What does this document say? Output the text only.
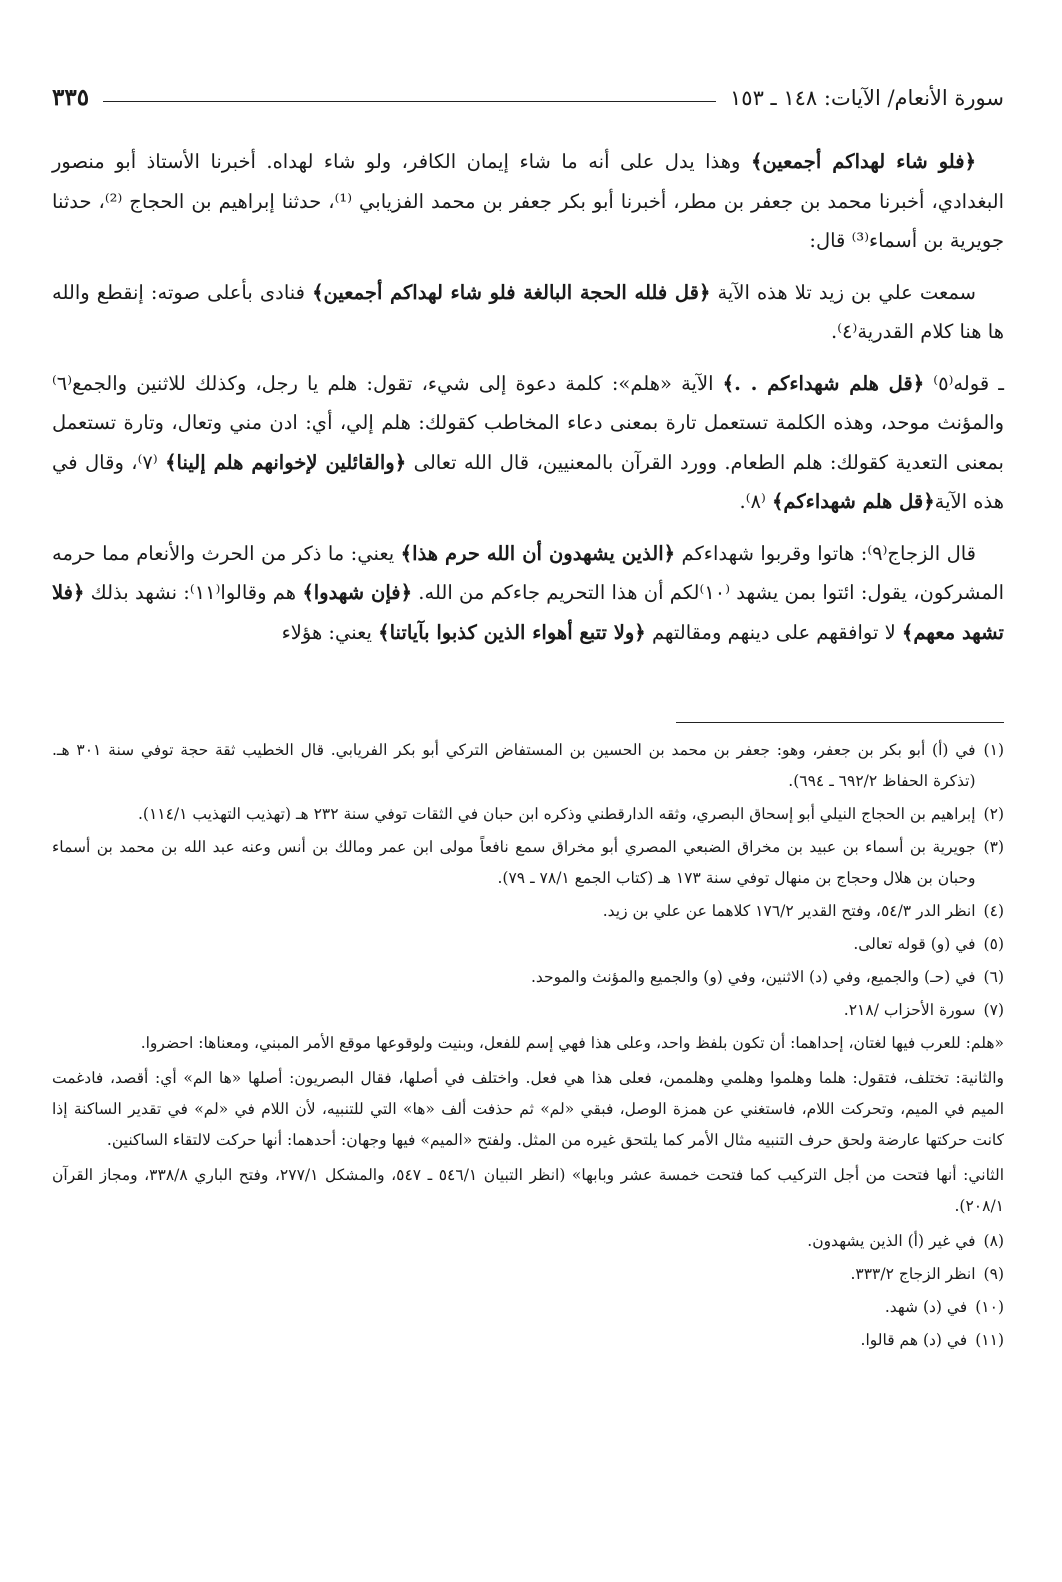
سورة الأنعام/ الآيات: ١٤٨ ـ ١٥٣
٣٣٥

﴿فلو شاء لهداكم أجمعين﴾ وهذا يدل على أنه ما شاء إيمان الكافر، ولو شاء لهداه. أخبرنا الأستاذ أبو منصور البغدادي، أخبرنا محمد بن جعفر بن مطر، أخبرنا أبو بكر جعفر بن محمد الفزيابي ⁽¹⁾، حدثنا إبراهيم بن الحجاج ⁽²⁾، حدثنا جويرية بن أسماء⁽³⁾ قال:

سمعت علي بن زيد تلا هذه الآية ﴿قل فلله الحجة البالغة فلو شاء لهداكم أجمعين﴾ فنادى بأعلى صوته: إنقطع والله ها هنا كلام القدرية⁽٤⁾.

ـ قوله⁽٥⁾ ﴿قل هلم شهداءكم . .﴾ الآية «هلم»: كلمة دعوة إلى شيء، تقول: هلم يا رجل، وكذلك للاثنين والجمع⁽٦⁾ والمؤنث موحد، وهذه الكلمة تستعمل تارة بمعنى دعاء المخاطب كقولك: هلم إلي، أي: ادن مني وتعال، وتارة تستعمل بمعنى التعدية كقولك: هلم الطعام. وورد القرآن بالمعنيين، قال الله تعالى ﴿والقائلين لإخوانهم هلم إلينا﴾ ⁽٧⁾، وقال في هذه الآية﴿قل هلم شهداءكم﴾ ⁽٨⁾.

قال الزجاج⁽٩⁾: هاتوا وقربوا شهداءكم ﴿الذين يشهدون أن الله حرم هذا﴾ يعني: ما ذكر من الحرث والأنعام مما حرمه المشركون، يقول: ائتوا بمن يشهد ⁽١٠⁾لكم أن هذا التحريم جاءكم من الله. ﴿فإن شهدوا﴾ هم وقالوا⁽١١⁾: نشهد بذلك ﴿فلا تشهد معهم﴾ لا توافقهم على دينهم ومقالتهم ﴿ولا تتبع أهواء الذين كذبوا بآياتنا﴾ يعني: هؤلاء

(١)
في (أ) أبو بكر بن جعفر، وهو: جعفر بن محمد بن الحسين بن المستفاض التركي أبو بكر الفريابي. قال الخطيب ثقة حجة توفي سنة ٣٠١ هـ. (تذكرة الحفاظ ٦٩٢/٢ ـ ٦٩٤).
(٢)
إبراهيم بن الحجاج النيلي أبو إسحاق البصري، وثقه الدارقطني وذكره ابن حبان في الثقات توفي سنة ٢٣٢ هـ (تهذيب التهذيب ١١٤/١).
(٣)
جويرية بن أسماء بن عبيد بن مخراق الضبعي المصري أبو مخراق سمع نافعاً مولى ابن عمر ومالك بن أنس وعنه عبد الله بن محمد بن أسماء وحبان بن هلال وحجاج بن منهال توفي سنة ١٧٣ هـ (كتاب الجمع ٧٨/١ ـ ٧٩).
(٤)
انظر الدر ٥٤/٣، وفتح القدير ١٧٦/٢ كلاهما عن علي بن زيد.
(٥)
في (و) قوله تعالى.
(٦)
في (حـ) والجميع، وفي (د) الاثنين، وفي (و) والجميع والمؤنث والموحد.
(٧)
سورة الأحزاب /٢١٨.
«هلم: للعرب فيها لغتان، إحداهما: أن تكون بلفظ واحد، وعلى هذا فهي إسم للفعل، وبنيت ولوقوعها موقع الأمر المبني، ومعناها: احضروا.
والثانية: تختلف، فتقول: هلما وهلموا وهلمي وهلممن، فعلى هذا هي فعل. واختلف في أصلها، فقال البصريون: أصلها «ها الم» أي: أقصد، فادغمت الميم في الميم، وتحركت اللام، فاستغني عن همزة الوصل، فبقي «لم» ثم حذفت ألف «ها» التي للتنبيه، لأن اللام في «لم» في تقدير الساكنة إذا كانت حركتها عارضة ولحق حرف التنبيه مثال الأمر كما يلتحق غيره من المثل. ولفتح «الميم» فيها وجهان: أحدهما: أنها حركت لالتقاء الساكنين.
الثاني: أنها فتحت من أجل التركيب كما فتحت خمسة عشر وبابها» (انظر التبيان ٥٤٦/١ ـ ٥٤٧، والمشكل ٢٧٧/١، وفتح الباري ٣٣٨/٨، ومجاز القرآن ٢٠٨/١).
(٨)
في غير (أ) الذين يشهدون.
(٩)
انظر الزجاج ٣٣٣/٢.
(١٠)
في (د) شهد.
(١١)
في (د) هم قالوا.
